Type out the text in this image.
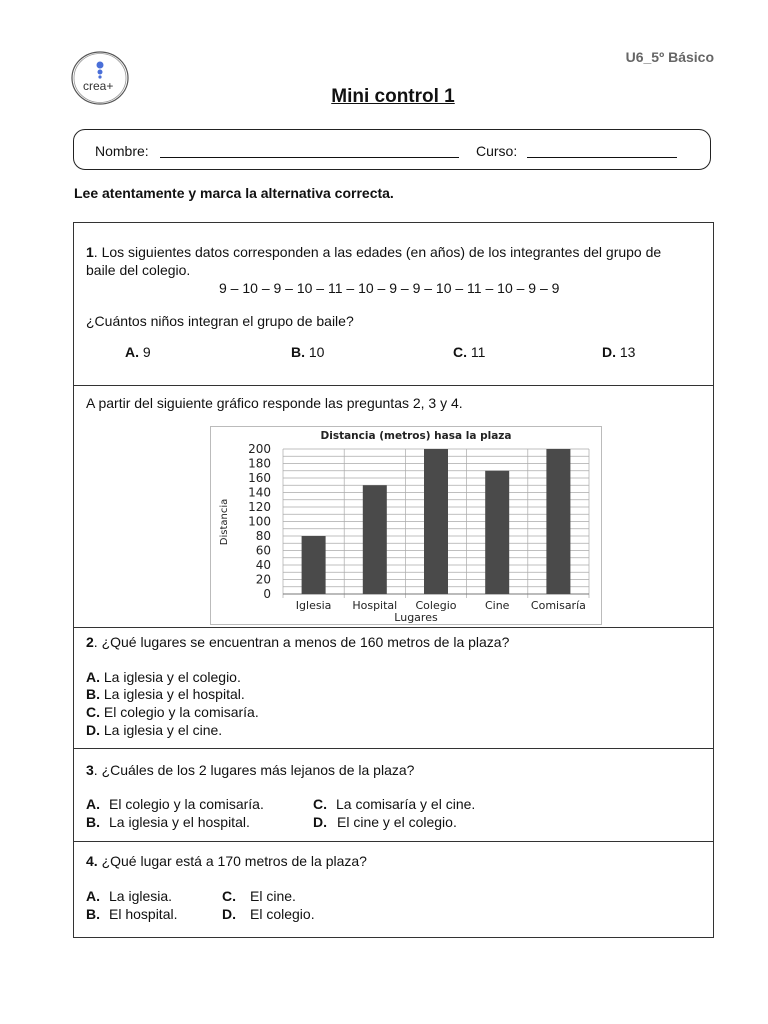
U6_5º Básico
crea+	Mini control 1
Nombre:	Curso:
Lee atentamente y marca la alternativa correcta.
1. Los siguientes datos corresponden a las edades (en años) de los integrantes del grupo de
baile del colegio.
9 – 10 – 9 – 10 – 11 – 10 – 9 – 9 – 10 – 11 – 10 – 9 – 9
¿Cuántos niños integran el grupo de baile?
A. 9	B. 10	C. 11	D. 13
A partir del siguiente gráfico responde las preguntas 2, 3 y 4.
0
20
40
60
80
100
120
140
160
180
200
Iglesia Hospital Colegio	Cine Comisaría
Distancia (metros) hasa la plaza
Lugares
Distancia
2. ¿Qué lugares se encuentran a menos de 160 metros de la plaza?
A. La iglesia y el colegio.
B. La iglesia y el hospital.
C. El colegio y la comisaría.
D. La iglesia y el cine.
3. ¿Cuáles de los 2 lugares más lejanos de la plaza?
A. El colegio y la comisaría.
B. La iglesia y el hospital.
C. La comisaría y el cine.
D. El cine y el colegio.
4. ¿Qué lugar está a 170 metros de la plaza?
A. La iglesia.
B. El hospital.
C. El cine.
D. El colegio.
